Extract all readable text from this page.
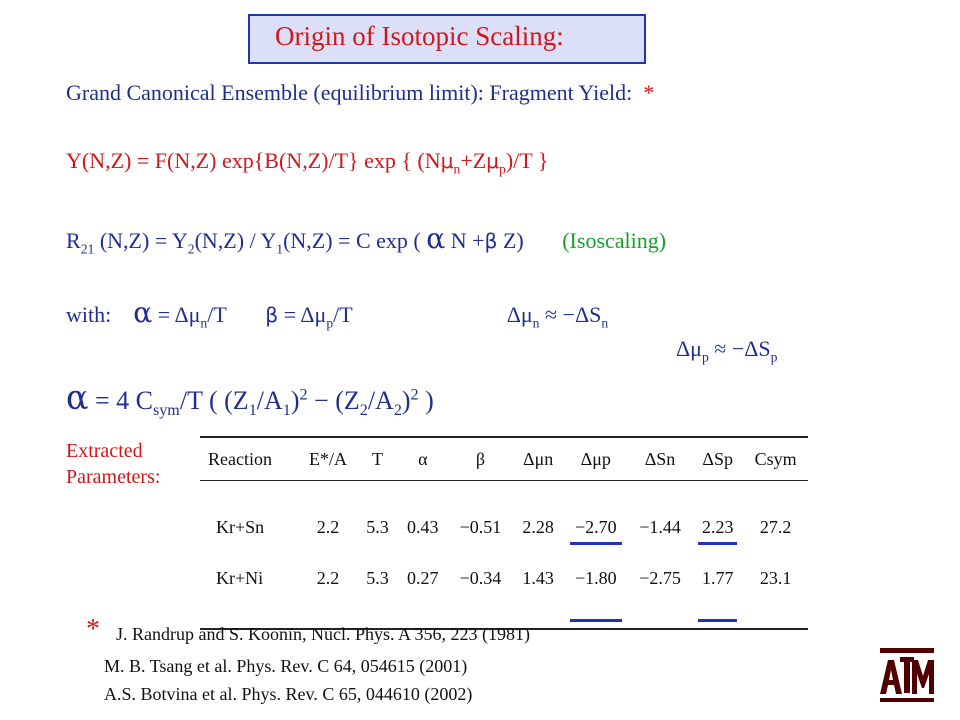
Origin of Isotopic Scaling:
Grand Canonical Ensemble (equilibrium limit): Fragment Yield: *
Y(N,Z) = F(N,Z) exp{B(N,Z)/T} exp { $(N\mu_n+Z\mu_p)/T$ }
$R_{21}$ $(N,Z) = Y_2(N,Z) / Y_1(N,Z) = C$ exp ( α N +β Z) (Isoscaling)
with: $\alpha = \Delta\mu_n/T$ $\beta = \Delta\mu_p/T$	$\Delta\mu_n \approx -\Delta S_n$
$\Delta\mu_p \approx -\Delta S_p$
α = 4 $C_{sym}/T$ ( $(Z_1/A_1)^2 - (Z_2/A_2)^2$ )
Extracted
Parameters:
Reaction	E*/A	T	α	β	Δμn	Δμp	ΔSn	ΔSp	Csym
Kr+Sn	2.2	5.3	0.43	−0.51	2.28	−2.70	−1.44	2.23	27.2
Kr+Ni	2.2	5.3	0.27	−0.34	1.43	−1.80	−2.75	1.77	23.1
* J. Randrup and S. Koonin, Nucl. Phys. A 356, 223 (1981)
M. B. Tsang et al. Phys. Rev. C 64, 054615 (2001)
A.S. Botvina et al. Phys. Rev. C 65, 044610 (2002)
